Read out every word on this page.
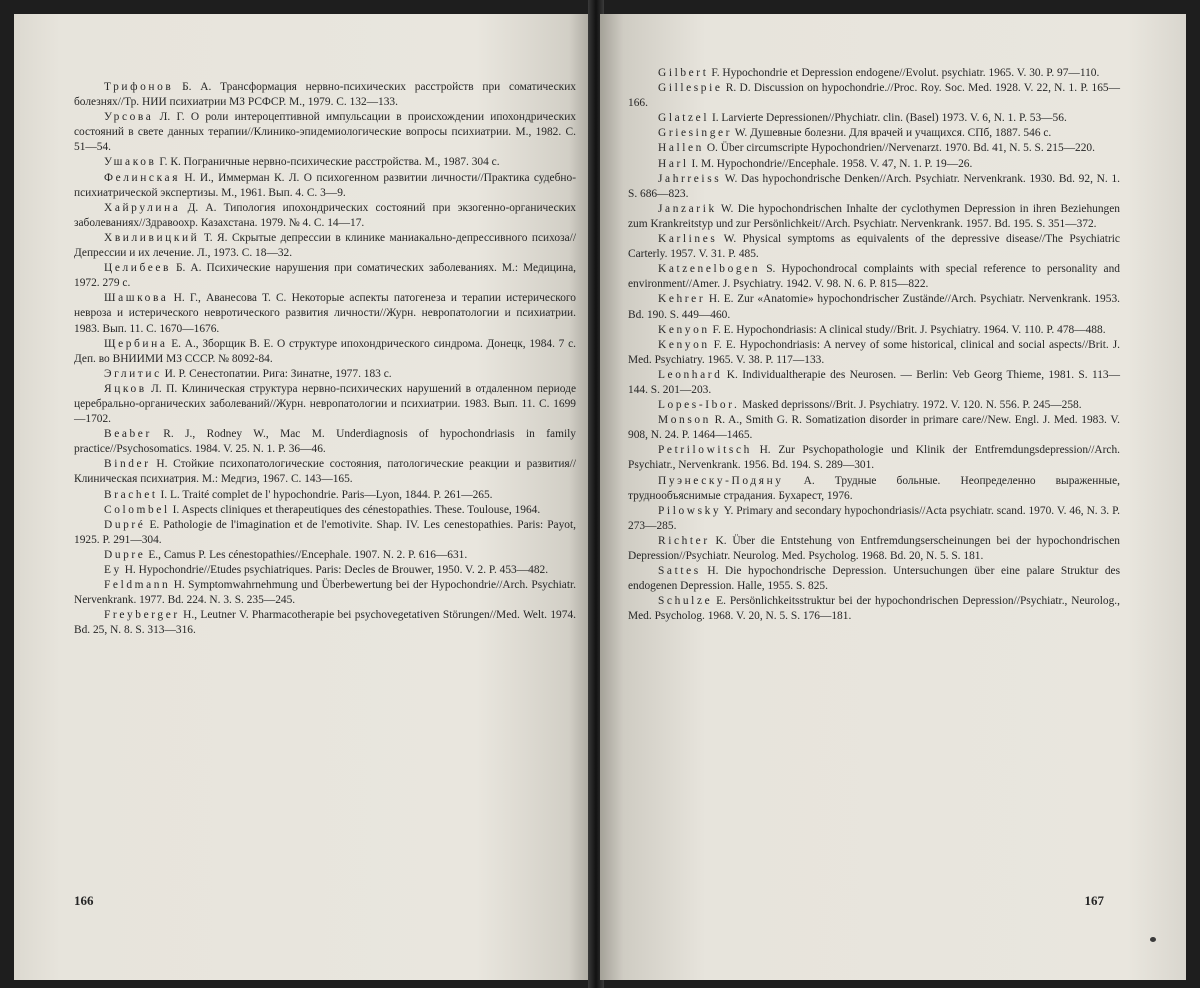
Трифонов Б. А. Трансформация нервно-психических расстройств при соматических болезнях//Тр. НИИ психиатрии МЗ РСФСР. М., 1979. С. 132—133.

Урсова Л. Г. О роли интероцептивной импульсации в происхождении ипохондрических состояний в свете данных терапии//Клинико-эпидемиологические вопросы психиатрии. М., 1982. С. 51—54.

Ушаков Г. К. Пограничные нервно-психические расстройства. М., 1987. 304 с.

Фелинская Н. И., Иммерман К. Л. О психогенном развитии личности//Практика судебно-психиатрической экспертизы. М., 1961. Вып. 4. С. 3—9.

Хайрулина Д. А. Типология ипохондрических состояний при экзогенно-органических заболеваниях//Здравоохр. Казахстана. 1979. № 4. С. 14—17.

Хвиливицкий Т. Я. Скрытые депрессии в клинике маниакально-депрессивного психоза//Депрессии и их лечение. Л., 1973. С. 18—32.

Целибеев Б. А. Психические нарушения при соматических заболеваниях. М.: Медицина, 1972. 279 с.

Шашкова Н. Г., Аванесова Т. С. Некоторые аспекты патогенеза и терапии истерического невроза и истерического невротического развития личности//Журн. невропатологии и психиатрии. 1983. Вып. 11. С. 1670—1676.

Щербина Е. А., Зборщик В. Е. О структуре ипохондрического синдрома. Донецк, 1984. 7 с. Деп. во ВНИИМИ МЗ СССР. № 8092-84.

Эглитис И. Р. Сенестопатии. Рига: Зинатне, 1977. 183 с.

Яцков Л. П. Клиническая структура нервно-психических нарушений в отдаленном периоде церебрально-органических заболеваний//Журн. невропатологии и психиатрии. 1983. Вып. 11. С. 1699—1702.

Beaber R. J., Rodney W., Mac M. Underdiagnosis of hypochondriasis in family practice//Psychosomatics. 1984. V. 25. N. 1. P. 36—46.

Binder H. Стойкие психопатологические состояния, патологические реакции и развития//Клиническая психиатрия. М.: Медгиз, 1967. С. 143—165.

Brachet I. L. Traité complet de l' hypochondrie. Paris—Lyon, 1844. P. 261—265.

Colombel I. Aspects cliniques et therapeutiques des cénestopathies. These. Toulouse, 1964.

Dupré E. Pathologie de l'imagination et de l'emotivite. Shap. IV. Les cenestopathies. Paris: Payot, 1925. P. 291—304.

Dupre E., Camus P. Les cénestopathies//Encephale. 1907. N. 2. P. 616—631.

Ey H. Hypochondrie//Etudes psychiatriques. Paris: Decles de Brouwer, 1950. V. 2. P. 453—482.

Feldmann H. Symptomwahrnehmung und Überbewertung bei der Hypochondrie//Arch. Psychiatr. Nervenkrank. 1977. Bd. 224. N. 3. S. 235—245.

Freyberger H., Leutner V. Pharmacotherapie bei psychovegetativen Störungen//Med. Welt. 1974. Bd. 25, N. 8. S. 313—316.

166

Gilbert F. Hypochondrie et Depression endogene//Evolut. psychiatr. 1965. V. 30. P. 97—110.

Gillespie R. D. Discussion on hypochondrie.//Proc. Roy. Soc. Med. 1928. V. 22, N. 1. P. 165—166.

Glatzel I. Larvierte Depressionen//Phychiatr. clin. (Basel) 1973. V. 6, N. 1. P. 53—56.

Griesinger W. Душевные болезни. Для врачей и учащихся. СПб, 1887. 546 с.

Hallen O. Über circumscripte Hypochondrien//Nervenarzt. 1970. Bd. 41, N. 5. S. 215—220.

Harl I. M. Hypochondrie//Encephale. 1958. V. 47, N. 1. P. 19—26.

Jahrreiss W. Das hypochondrische Denken//Arch. Psychiatr. Nervenkrank. 1930. Bd. 92, N. 1. S. 686—823.

Janzarik W. Die hypochondrischen Inhalte der cyclothymen Depression in ihren Beziehungen zum Krankreitstyp und zur Persönlichkeit//Arch. Psychiatr. Nervenkrank. 1957. Bd. 195. S. 351—372.

Karlines W. Physical symptoms as equivalents of the depressive disease//The Psychiatric Carterly. 1957. V. 31. P. 485.

Katzenelbogen S. Hypochondrocal complaints with special reference to personality and environment//Amer. J. Psychiatry. 1942. V. 98. N. 6. P. 815—822.

Kehrer H. E. Zur «Anatomie» hypochondrischer Zustände//Arch. Psychiatr. Nervenkrank. 1953. Bd. 190. S. 449—460.

Kenyon F. E. Hypochondriasis: A clinical study//Brit. J. Psychiatry. 1964. V. 110. P. 478—488.

Kenyon F. E. Hypochondriasis: A nervey of some historical, clinical and social aspects//Brit. J. Med. Psychiatry. 1965. V. 38. P. 117—133.

Leonhard K. Individualtherapie des Neurosen. — Berlin: Veb Georg Thieme, 1981. S. 113—144. S. 201—203.

Lopes-Ibor. Masked deprissons//Brit. J. Psychiatry. 1972. V. 120. N. 556. P. 245—258.

Monson R. A., Smith G. R. Somatization disorder in primare care//New. Engl. J. Med. 1983. V. 908, N. 24. P. 1464—1465.

Petrilowitsch H. Zur Psychopathologie und Klinik der Entfremdungsdepression//Arch. Psychiatr., Nervenkrank. 1956. Bd. 194. S. 289—301.

Пуэнеску-Подяну А. Трудные больные. Неопределенно выраженные, труднообъяснимые страдания. Бухарест, 1976.

Pilowsky Y. Primary and secondary hypochondriasis//Acta psychiatr. scand. 1970. V. 46, N. 3. P. 273—285.

Richter K. Über die Entstehung von Entfremdungserscheinungen bei der hypochondrischen Depression//Psychiatr. Neurolog. Med. Psycholog. 1968. Bd. 20, N. 5. S. 181.

Sattes H. Die hypochondrische Depression. Untersuchungen über eine palare Struktur des endogenen Depression. Halle, 1955. S. 825.

Schulze E. Persönlichkeitsstruktur bei der hypochondrischen Depression//Psychiatr., Neurolog., Med. Psycholog. 1968. V. 20, N. 5. S. 176—181.

167
